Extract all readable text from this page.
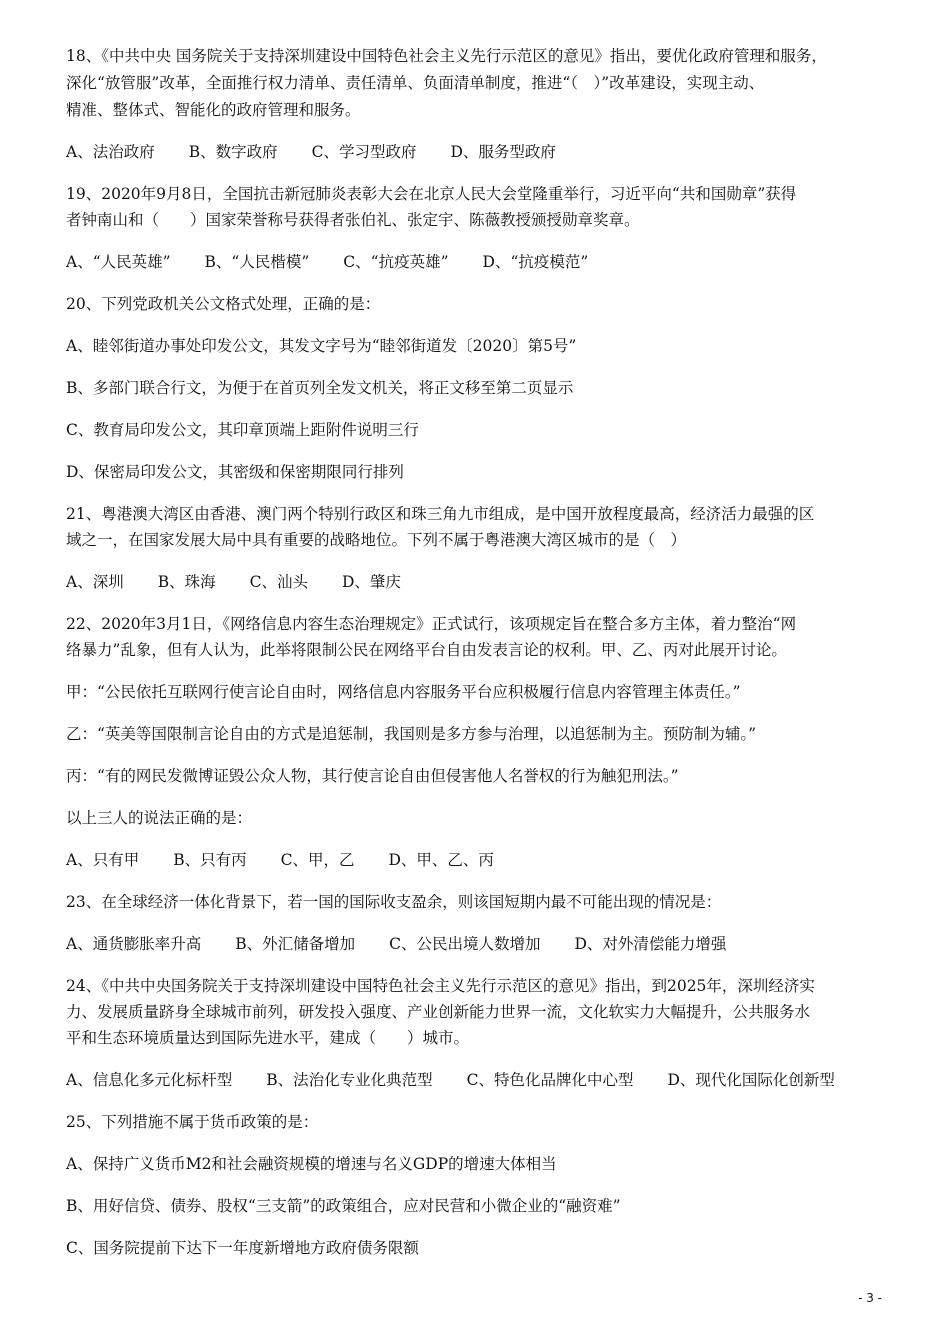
18、《中共中央 国务院关于支持深圳建设中国特色社会主义先行示范区的意见》指出，要优化政府管理和服务，
深化“放管服”改革，全面推行权力清单、责任清单、负面清单制度，推进“（　）”改革建设，实现主动、
精准、整体式、智能化的政府管理和服务。
A、法治政府 B、数字政府 C、学习型政府 D、服务型政府
19、2020年9月8日，全国抗击新冠肺炎表彰大会在北京人民大会堂隆重举行，习近平向“共和国勋章”获得
者钟南山和（　　）国家荣誉称号获得者张伯礼、张定宇、陈薇教授颁授勋章奖章。
A、“人民英雄” B、“人民楷模” C、“抗疫英雄” D、“抗疫模范”
20、下列党政机关公文格式处理，正确的是：
A、睦邻街道办事处印发公文，其发文字号为“睦邻街道发〔2020〕第5号”
B、多部门联合行文，为便于在首页列全发文机关，将正文移至第二页显示
C、教育局印发公文，其印章顶端上距附件说明三行
D、保密局印发公文，其密级和保密期限同行排列
21、粤港澳大湾区由香港、澳门两个特别行政区和珠三角九市组成，是中国开放程度最高，经济活力最强的区
域之一，在国家发展大局中具有重要的战略地位。下列不属于粤港澳大湾区城市的是（　）
A、深圳 B、珠海 C、汕头 D、肇庆
22、2020年3月1日，《网络信息内容生态治理规定》正式试行，该项规定旨在整合多方主体，着力整治“网
络暴力”乱象，但有人认为，此举将限制公民在网络平台自由发表言论的权利。甲、乙、丙对此展开讨论。
甲：“公民依托互联网行使言论自由时，网络信息内容服务平台应积极履行信息内容管理主体责任。”
乙：“英美等国限制言论自由的方式是追惩制，我国则是多方参与治理，以追惩制为主。预防制为辅。”
丙：“有的网民发微博证毁公众人物，其行使言论自由但侵害他人名誉权的行为触犯刑法。”
以上三人的说法正确的是：
A、只有甲 B、只有丙 C、甲，乙 D、甲、乙、丙
23、在全球经济一体化背景下，若一国的国际收支盈余，则该国短期内最不可能出现的情况是：
A、通货膨胀率升高 B、外汇储备增加 C、公民出境人数增加 D、对外清偿能力增强
24、《中共中央国务院关于支持深圳建设中国特色社会主义先行示范区的意见》指出，到2025年，深圳经济实
力、发展质量跻身全球城市前列，研发投入强度、产业创新能力世界一流，文化软实力大幅提升，公共服务水
平和生态环境质量达到国际先进水平，建成（　　）城市。
A、信息化多元化标杆型 B、法治化专业化典范型 C、特色化品牌化中心型 D、现代化国际化创新型
25、下列措施不属于货币政策的是：
A、保持广义货币M2和社会融资规模的增速与名义GDP的增速大体相当
B、用好信贷、债券、股权“三支箭”的政策组合，应对民营和小微企业的“融资难”
C、国务院提前下达下一年度新增地方政府债务限额
- 3 -
